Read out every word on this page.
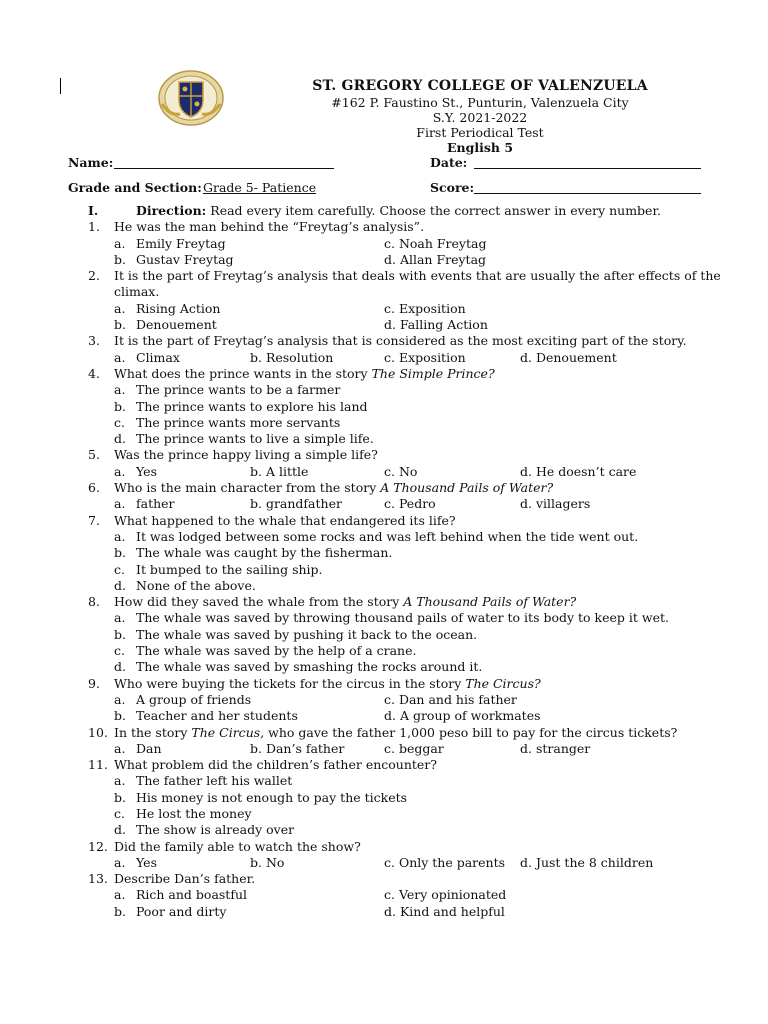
ST. GREGORY COLLEGE OF VALENZUELA
#162 P. Faustino St., Punturin, Valenzuela City
S.Y. 2021-2022
First Periodical Test
English 5
Name:	Date:
Grade and Section: Grade 5- Patience	Score:
I.	Direction: Read every item carefully. Choose the correct answer in every number.
1. He was the man behind the “Freytag’s analysis”.
a. Emily Freytag	c. Noah Freytag
b. Gustav Freytag	d. Allan Freytag
2. It is the part of Freytag’s analysis that deals with events that are usually the after effects of the
climax.
a. Rising Action	c. Exposition
b. Denouement	d. Falling Action
3. It is the part of Freytag’s analysis that is considered as the most exciting part of the story.
a. Climax	b. Resolution	c. Exposition	d. Denouement
4. What does the prince wants in the story The Simple Prince?
a. The prince wants to be a farmer
b. The prince wants to explore his land
c. The prince wants more servants
d. The prince wants to live a simple life.
5. Was the prince happy living a simple life?
a. Yes	b. A little	c. No	d. He doesn’t care
6. Who is the main character from the story A Thousand Pails of Water?
a. father	b. grandfather	c. Pedro	d. villagers
7. What happened to the whale that endangered its life?
a. It was lodged between some rocks and was left behind when the tide went out.
b. The whale was caught by the fisherman.
c. It bumped to the sailing ship.
d. None of the above.
8. How did they saved the whale from the story A Thousand Pails of Water?
a. The whale was saved by throwing thousand pails of water to its body to keep it wet.
b. The whale was saved by pushing it back to the ocean.
c. The whale was saved by the help of a crane.
d. The whale was saved by smashing the rocks around it.
9. Who were buying the tickets for the circus in the story The Circus?
a. A group of friends	c. Dan and his father
b. Teacher and her students	d. A group of workmates
10. In the story The Circus, who gave the father 1,000 peso bill to pay for the circus tickets?
a. Dan	b. Dan’s father	c. beggar	d. stranger
11. What problem did the children’s father encounter?
a. The father left his wallet
b. His money is not enough to pay the tickets
c. He lost the money
d. The show is already over
12. Did the family able to watch the show?
a. Yes	b. No	c. Only the parents d. Just the 8 children
13. Describe Dan’s father.
a. Rich and boastful	c. Very opinionated
b. Poor and dirty	d. Kind and helpful
